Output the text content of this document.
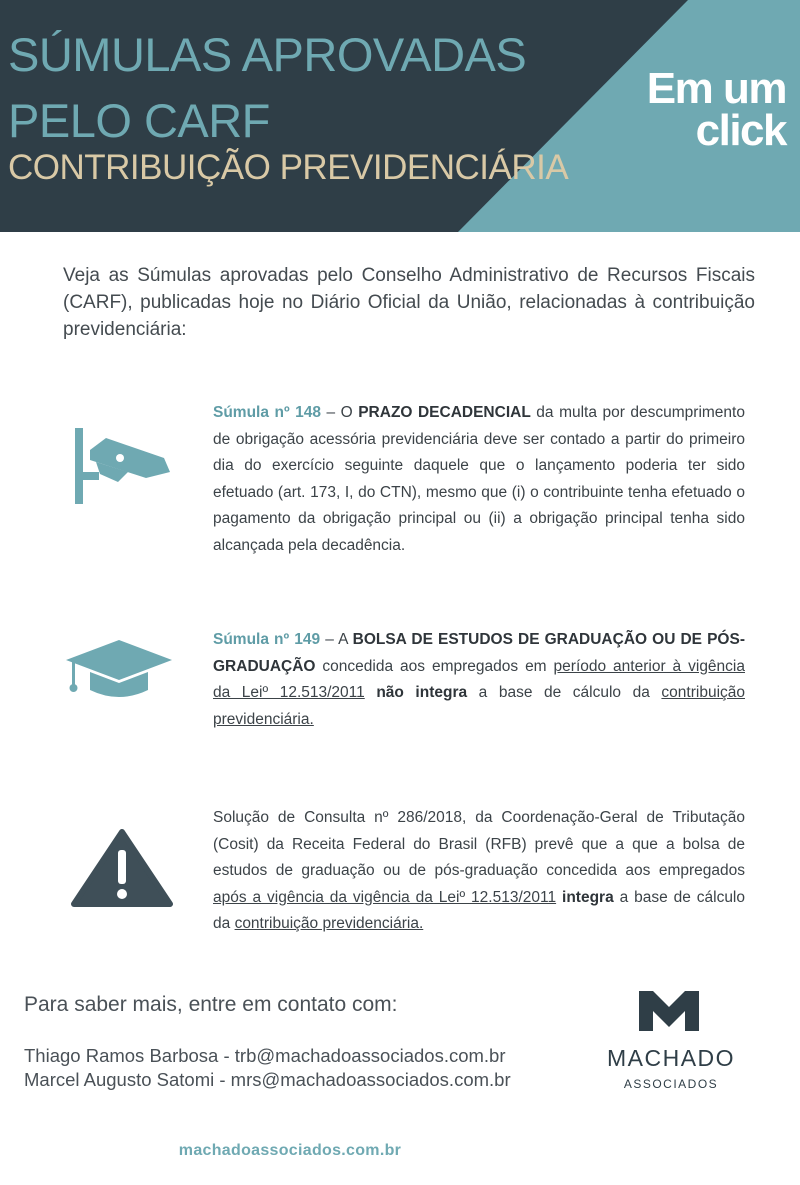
SÚMULAS APROVADAS
PELO CARF
CONTRIBUIÇÃO PREVIDENCIÁRIA
Em um
click

Veja as Súmulas aprovadas pelo Conselho Administrativo de Recursos Fiscais (CARF), publicadas hoje no Diário Oficial da União, relacionadas à contribuição previdenciária:

Súmula nº 148 – O PRAZO DECADENCIAL da multa por descumprimento de obrigação acessória previdenciária deve ser contado a partir do primeiro dia do exercício seguinte daquele que o lançamento poderia ter sido efetuado (art. 173, I, do CTN), mesmo que (i) o contribuinte tenha efetuado o pagamento da obrigação principal ou (ii) a obrigação principal tenha sido alcançada pela decadência.

Súmula nº 149 – A BOLSA DE ESTUDOS DE GRADUAÇÃO OU DE PÓS-GRADUAÇÃO concedida aos empregados em período anterior à vigência da Leiº 12.513/2011 não integra a base de cálculo da contribuição previdenciária.

Solução de Consulta nº 286/2018, da Coordenação-Geral de Tributação (Cosit) da Receita Federal do Brasil (RFB) prevê que a que a bolsa de estudos de graduação ou de pós-graduação concedida aos empregados após a vigência da vigência da Leiº 12.513/2011 integra a base de cálculo da contribuição previdenciária.

Para saber mais, entre em contato com:
Thiago Ramos Barbosa - trb@machadoassociados.com.br
Marcel Augusto Satomi - mrs@machadoassociados.com.br
MACHADO
ASSOCIADOS
machadoassociados.com.br
